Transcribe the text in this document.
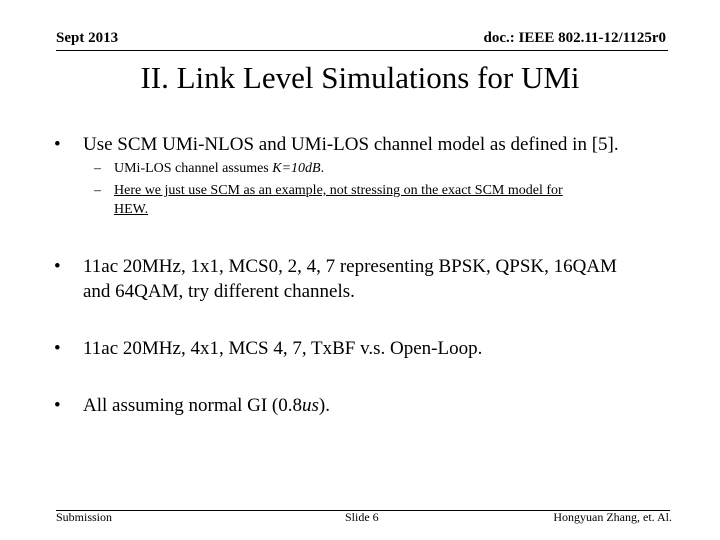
Sept 2013	doc.: IEEE 802.11-12/1125r0
II. Link Level Simulations for UMi
• Use SCM UMi-NLOS and UMi-LOS channel model as defined in [5].
– UMi-LOS channel assumes K=10dB.
– Here we just use SCM as an example, not stressing on the exact SCM model for
HEW.
• 11ac 20MHz, 1x1, MCS0, 2, 4, 7 representing BPSK, QPSK, 16QAM
and 64QAM, try different channels.
• 11ac 20MHz, 4x1, MCS 4, 7, TxBF v.s. Open-Loop.
• All assuming normal GI (0.8us).
Submission	Slide 6	Hongyuan Zhang, et. Al.
